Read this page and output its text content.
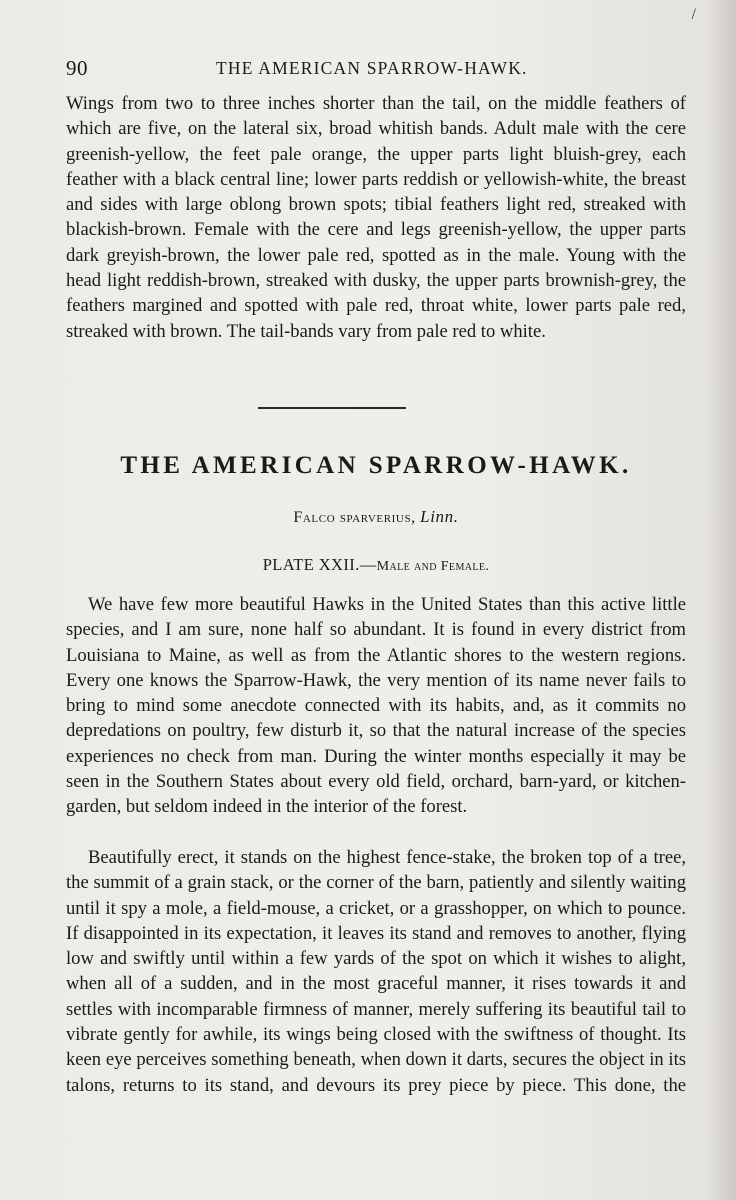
/
90	THE AMERICAN SPARROW-HAWK.

Wings from two to three inches shorter than the tail, on the middle feathers of which are five, on the lateral six, broad whitish bands. Adult male with the cere greenish-yellow, the feet pale orange, the upper parts light bluish-grey, each feather with a black central line; lower parts reddish or yellowish-white, the breast and sides with large oblong brown spots; tibial feathers light red, streaked with blackish-brown. Female with the cere and legs greenish-yellow, the upper parts dark greyish-brown, the lower pale red, spotted as in the male. Young with the head light reddish-brown, streaked with dusky, the upper parts brownish-grey, the feathers margined and spotted with pale red, throat white, lower parts pale red, streaked with brown. The tail-bands vary from pale red to white.

THE AMERICAN SPARROW-HAWK.
Falco sparverius, Linn.
PLATE XXII.—Male and Female.

We have few more beautiful Hawks in the United States than this active little species, and I am sure, none half so abundant. It is found in every district from Louisiana to Maine, as well as from the Atlantic shores to the western regions. Every one knows the Sparrow-Hawk, the very mention of its name never fails to bring to mind some anecdote connected with its habits, and, as it commits no depredations on poultry, few disturb it, so that the natural increase of the species experiences no check from man. During the winter months especially it may be seen in the Southern States about every old field, orchard, barn-yard, or kitchen-garden, but seldom indeed in the interior of the forest.

Beautifully erect, it stands on the highest fence-stake, the broken top of a tree, the summit of a grain stack, or the corner of the barn, patiently and silently waiting until it spy a mole, a field-mouse, a cricket, or a grasshopper, on which to pounce. If disappointed in its expectation, it leaves its stand and removes to another, flying low and swiftly until within a few yards of the spot on which it wishes to alight, when all of a sudden, and in the most graceful manner, it rises towards it and settles with incomparable firmness of manner, merely suffering its beautiful tail to vibrate gently for awhile, its wings being closed with the swiftness of thought. Its keen eye perceives something beneath, when down it darts, secures the object in its talons, returns to its stand, and devours its prey piece by piece. This done, the
